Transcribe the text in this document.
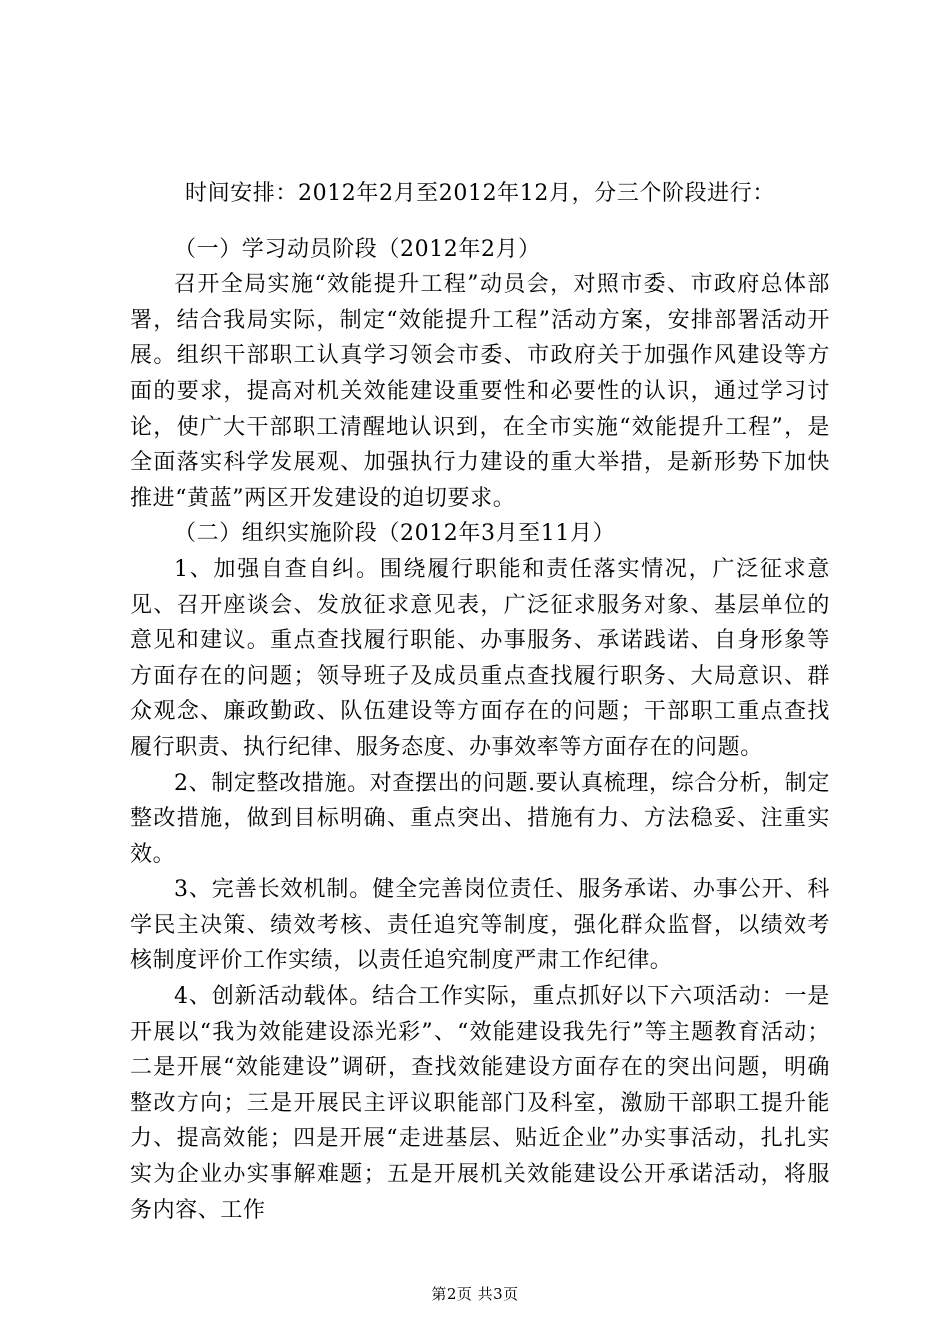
时间安排：2012年2月至2012年12月，分三个阶段进行：

（一）学习动员阶段（2012年2月）

召开全局实施“效能提升工程”动员会，对照市委、市政府总体部署，结合我局实际，制定“效能提升工程”活动方案，安排部署活动开展。组织干部职工认真学习领会市委、市政府关于加强作风建设等方面的要求，提高对机关效能建设重要性和必要性的认识，通过学习讨论，使广大干部职工清醒地认识到，在全市实施“效能提升工程”，是全面落实科学发展观、加强执行力建设的重大举措，是新形势下加快推进“黄蓝”两区开发建设的迫切要求。

（二）组织实施阶段（2012年3月至11月）

1、加强自查自纠。围绕履行职能和责任落实情况，广泛征求意见、召开座谈会、发放征求意见表，广泛征求服务对象、基层单位的意见和建议。重点查找履行职能、办事服务、承诺践诺、自身形象等方面存在的问题；领导班子及成员重点查找履行职务、大局意识、群众观念、廉政勤政、队伍建设等方面存在的问题；干部职工重点查找履行职责、执行纪律、服务态度、办事效率等方面存在的问题。

2、制定整改措施。对查摆出的问题.要认真梳理，综合分析，制定整改措施，做到目标明确、重点突出、措施有力、方法稳妥、注重实效。

3、完善长效机制。健全完善岗位责任、服务承诺、办事公开、科学民主决策、绩效考核、责任追究等制度，强化群众监督，以绩效考核制度评价工作实绩，以责任追究制度严肃工作纪律。

4、创新活动载体。结合工作实际，重点抓好以下六项活动：一是开展以“我为效能建设添光彩”、“效能建设我先行”等主题教育活动；二是开展“效能建设”调研，查找效能建设方面存在的突出问题，明确整改方向；三是开展民主评议职能部门及科室，激励干部职工提升能力、提高效能；四是开展“走进基层、贴近企业”办实事活动，扎扎实实为企业办实事解难题；五是开展机关效能建设公开承诺活动，将服务内容、工作

第2页 共3页
